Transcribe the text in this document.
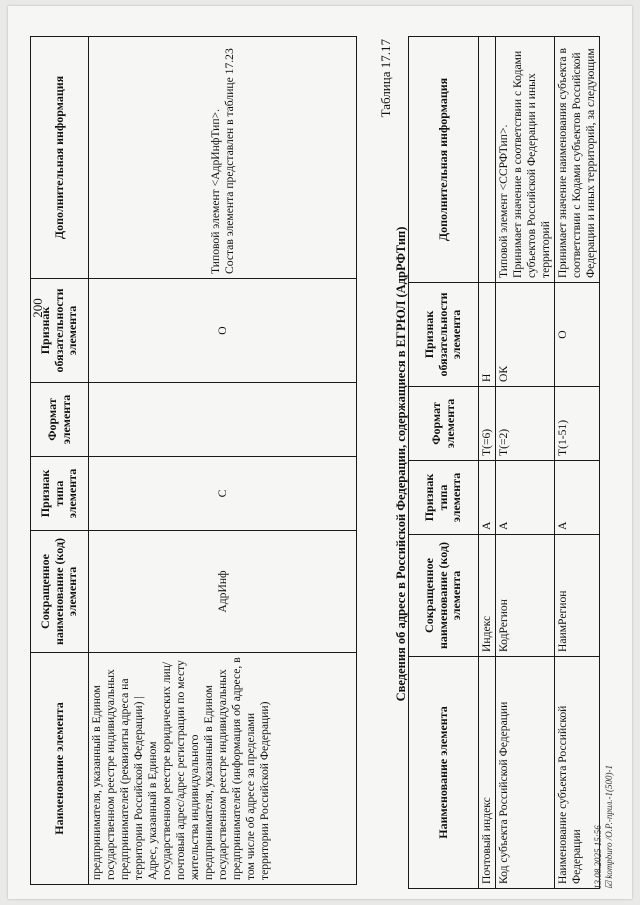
Наименование элемента	Сокращенное наименование (код) элемента	Признак типа элемента	Формат элемента	Признак обязательности элемента	Дополнительная информация
предпринимателя, указанный в Едином государственном реестре индивидуальных предпринимателей (реквизиты адреса на территории Российской Федерации) |
Адрес, указанный в Едином государственном реестре юридических лиц/почтовый адрес/адрес регистрации по месту жительства индивидуального предпринимателя, указанный в Едином государственном реестре индивидуальных предпринимателей (информация об адресе, в том числе об адресе за пределами территории Российской Федерации)	АдрИнф	С		О	Типовой элемент <АдрИнфТип>.
Состав элемента представлен в таблице 17.23	Таблица 17.17
Сведения об адресе в Российской Федерации, содержащиеся в ЕГРЮЛ (АдрРФТип)
Наименование элемента	Сокращенное наименование (код) элемента	Признак типа элемента	Формат элемента	Признак обязательности элемента	Дополнительная информация
Почтовый индекс	Индекс	А	T(=6)	Н	
Код субъекта Российской Федерации	КодРегион	А	T(=2)	ОК	Типовой элемент <ССРФТип>.
Принимает значение в соответствии с Кодами субъектов Российской Федерации и иных территорий
Наименование субъекта Российской Федерации	НаимРегион	А	T(1-51)	О	Принимает значение наименования субъекта в соответствии с Кодами субъектов Российской Федерации и иных территорий, за следующим
13.08.2025 15:56 ☑ kompburo /О.Р.-прил.-1(500)-1
200
